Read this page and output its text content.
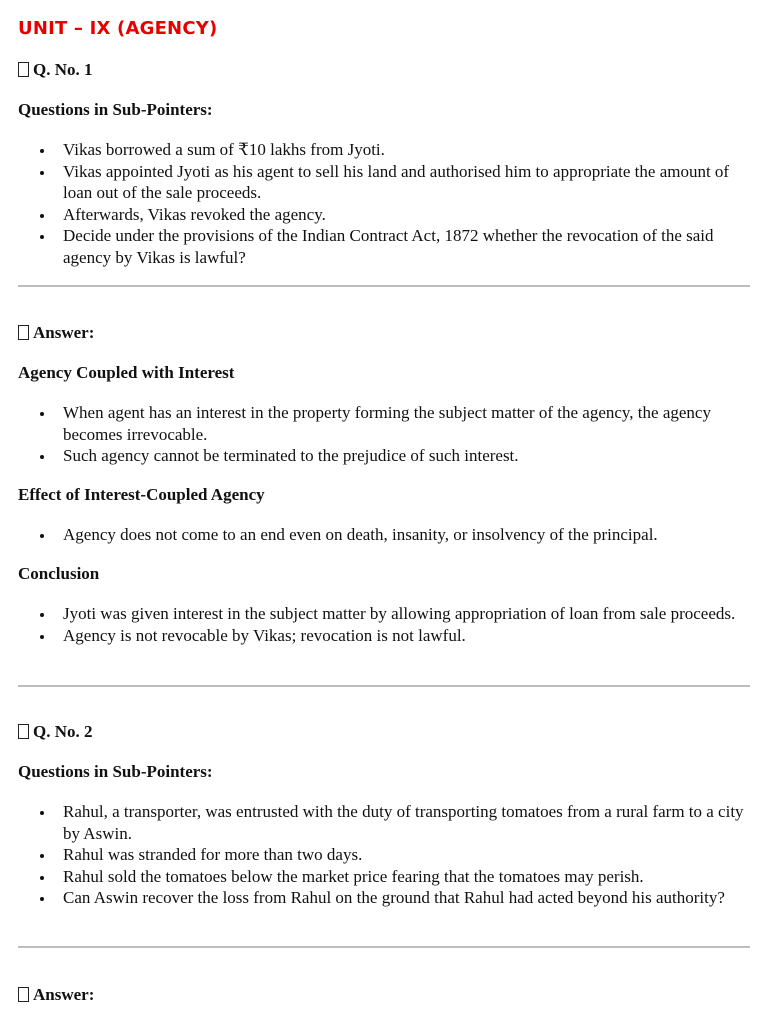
UNIT – IX (AGENCY)

Q. No. 1

Questions in Sub-Pointers:

Vikas borrowed a sum of ₹10 lakhs from Jyoti.
Vikas appointed Jyoti as his agent to sell his land and authorised him to appropriate the amount of loan out of the sale proceeds.
Afterwards, Vikas revoked the agency.
Decide under the provisions of the Indian Contract Act, 1872 whether the revocation of the said agency by Vikas is lawful?

Answer:

Agency Coupled with Interest

When agent has an interest in the property forming the subject matter of the agency, the agency becomes irrevocable.
Such agency cannot be terminated to the prejudice of such interest.

Effect of Interest-Coupled Agency

Agency does not come to an end even on death, insanity, or insolvency of the principal.

Conclusion

Jyoti was given interest in the subject matter by allowing appropriation of loan from sale proceeds.
Agency is not revocable by Vikas; revocation is not lawful.

Q. No. 2

Questions in Sub-Pointers:

Rahul, a transporter, was entrusted with the duty of transporting tomatoes from a rural farm to a city by Aswin.
Rahul was stranded for more than two days.
Rahul sold the tomatoes below the market price fearing that the tomatoes may perish.
Can Aswin recover the loss from Rahul on the ground that Rahul had acted beyond his authority?

Answer:
